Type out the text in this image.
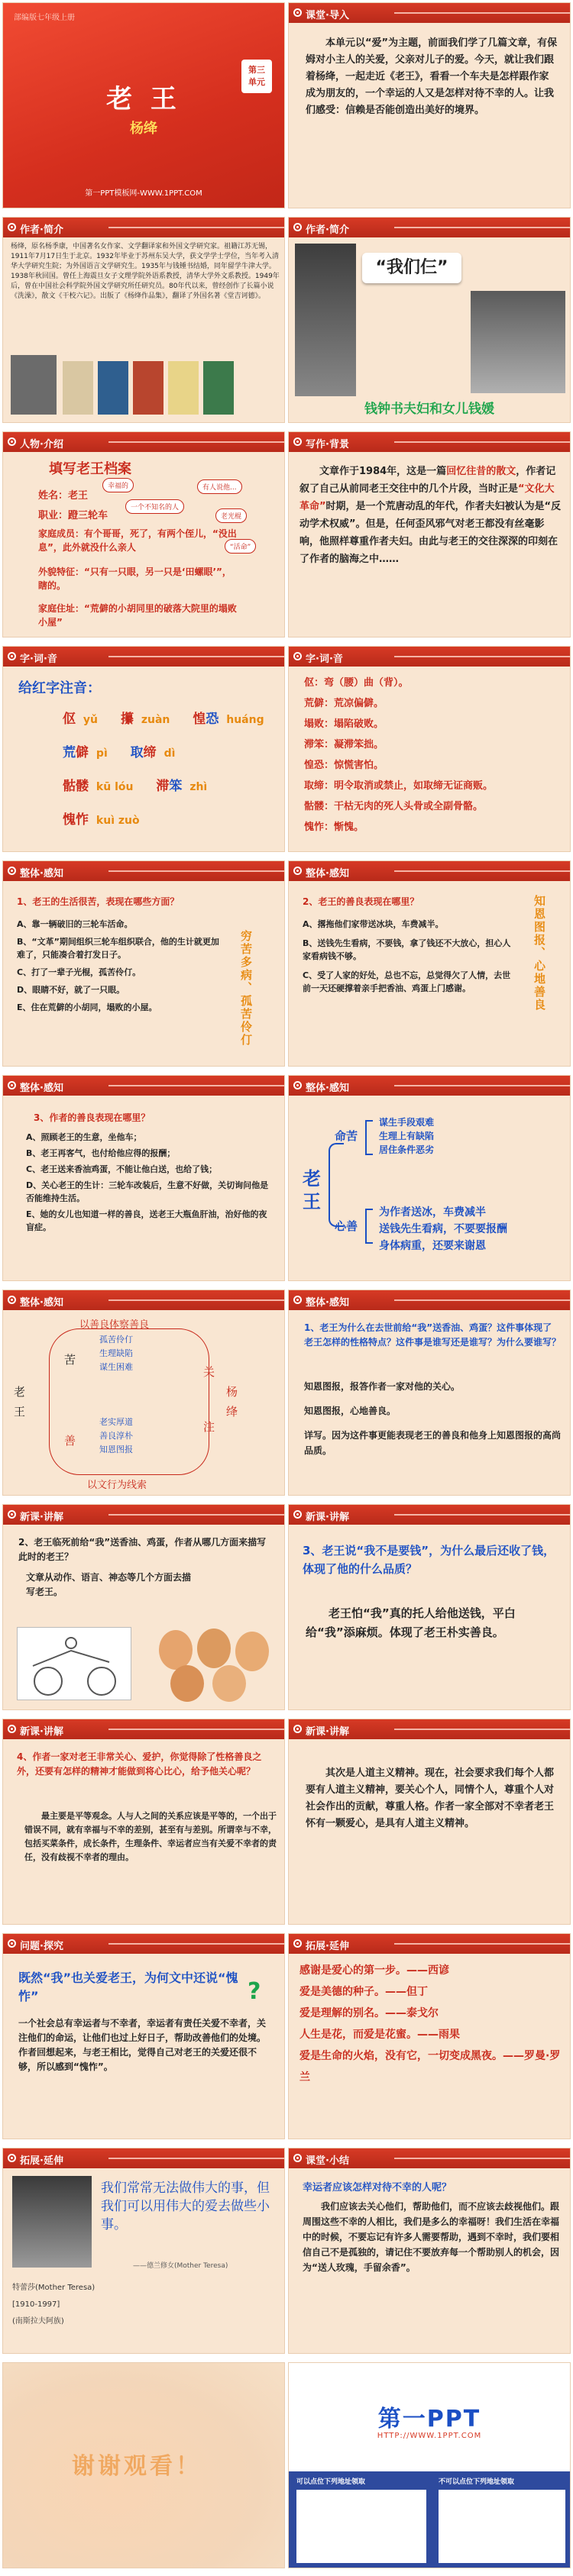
部编版七年级上册
老 王
杨绛
第三
单元
第一PPT模板网-WWW.1PPT.COM
课堂·导入
本单元以“爱”为主题，前面我们学了几篇文章，有保姆对小主人的关爱，父亲对儿子的爱。今天，就让我们跟着杨绛，一起走近《老王》，看看一个车夫是怎样跟作家成为朋友的，一个幸运的人又是怎样对待不幸的人。让我们感受：信赖是否能创造出美好的境界。
作者·简介
杨绛，原名杨季康，中国著名女作家、文学翻译家和外国文学研究家。祖籍江苏无锡，1911年7月17日生于北京。1932年毕业于苏州东吴大学，获文学学士学位，当年考入清华大学研究生院；为外国语言文学研究生。1935年与钱锺书结婚，同年留学牛津大学。1938年秋回国。曾任上海震旦女子文理学院外语系教授，清华大学外文系教授。1949年后，曾在中国社会科学院外国文学研究所任研究员。80年代以来，曾经创作了长篇小说《洗澡》，散文《干校六记》。出版了《杨绛作品集》，翻译了外国名著《堂吉诃德》。
作者·简介
“我们仨”
钱钟书夫妇和女儿钱媛
人物·介绍
填写老王档案
姓名：老王
职业：蹬三轮车
家庭成员：有个哥哥，死了，有两个侄儿，“没出息”，此外就没什么亲人
外貌特征：“只有一只眼，另一只是‘田螺眼’”，瞎的。
家庭住址：“荒僻的小胡同里的破落大院里的塌败小屋”
幸福的
一个不知名的人
有人说他...
老光棍
“活命”
写作·背景
文章作于1984年，这是一篇回忆往昔的散文，作者记叙了自己从前同老王交往中的几个片段，当时正是“文化大革命”时期，是一个荒唐动乱的年代，作者夫妇被认为是“反动学术权威”。但是，任何歪风邪气对老王都没有丝毫影响，他照样尊重作者夫妇。由此与老王的交往深深的印刻在了作者的脑海之中……
字·词·音
给红字注音：
伛 yǔ 攥 zuàn 惶恐 huáng
荒僻 pì 取缔 dì
骷髅 kū lóu 滞笨 zhì
愧怍 kuì zuò
字·词·音
伛：弯（腰）曲（背）。
荒僻：荒凉偏僻。
塌败：塌陷破败。
滞笨：凝滞笨拙。
惶恐：惊慌害怕。
取缔：明令取消或禁止，如取缔无证商贩。
骷髅：干枯无肉的死人头骨或全副骨骼。
愧怍：惭愧。
整体·感知
1、老王的生活很苦，表现在哪些方面？
A、靠一辆破旧的三轮车活命。
B、“文革”期间组织三轮车组织联合，他的生计就更加难了，只能凑合着打发日子。
C、打了一辈子光棍，孤苦伶仃。
D、眼睛不好，就了一只眼。
E、住在荒僻的小胡同，塌败的小屋。	穷苦多病、孤苦伶仃
整体·感知
2、老王的善良表现在哪里？
A、撂拖他们家带送冰块，车费减半。
B、送钱先生看病，不要钱，拿了钱还不大放心，担心人家看病钱不够。
C、受了人家的好处，总也不忘，总觉得欠了人情，去世前一天还硬撑着亲手把香油、鸡蛋上门感谢。	知恩图报、心地善良
整体·感知
3、作者的善良表现在哪里？
A、照顾老王的生意，坐他车；
B、老王再客气，也付给他应得的报酬；
C、老王送来香油鸡蛋，不能让他白送，也给了钱；
D、关心老王的生计：三轮车改装后，生意不好做，关切询问他是否能维持生活。
E、她的女儿也知道一样的善良，送老王大瓶鱼肝油，治好他的夜盲症。
整体·感知
老
王
命苦
心善
谋生手段艰难
生理上有缺陷
居住条件恶劣
为作者送冰，车费减半
送钱先生看病，不要要报酬
身体病重，还要来谢恩
整体·感知
以善良体察善良
以文行为线索
老
王
杨
绛
苦
善
关
注
孤苦伶仃
生理缺陷
谋生困难
老实厚道
善良淳朴
知恩图报
整体·感知
1、老王为什么在去世前给“我”送香油、鸡蛋？这件事体现了老王怎样的性格特点？这件事是谁写还是谁写？为什么要谁写？
知恩图报，报答作者一家对他的关心。
知恩图报，心地善良。
详写。因为这件事更能表现老王的善良和他身上知恩图报的高尚品质。
新课·讲解
2、老王临死前给“我”送香油、鸡蛋，作者从哪几方面来描写此时的老王？
文章从动作、语言、神态等几个方面去描写老王。
新课·讲解
3、老王说“我不是要钱”，为什么最后还收了钱，体现了他的什么品质？
老王怕“我”真的托人给他送钱，平白给“我”添麻烦。体现了老王朴实善良。
新课·讲解
4、作者一家对老王非常关心、爱护，你觉得除了性格善良之外，还要有怎样的精神才能做到将心比心，给予他关心呢？
最主要是平等观念。人与人之间的关系应该是平等的，一个出于错误不同，就有幸福与不幸的差别，甚至有与差别。所谓幸与不幸，包括买菜条件，成长条件，生理条件、幸运者应当有关爱不幸者的责任，没有歧视不幸者的理由。
新课·讲解
其次是人道主义精神。现在，社会要求我们每个人都要有人道主义精神，要关心个人，同情个人，尊重个人对社会作出的贡献，尊重人格。作者一家全部对不幸者老王怀有一颗爱心，是具有人道主义精神。
问题·探究
既然“我”也关爱老王，为何文中还说“愧怍”	?
一个社会总有幸运者与不幸者，幸运者有责任关爱不幸者，关注他们的命运，让他们也过上好日子，帮助改善他们的处境。作者回想起来，与老王相比，觉得自己对老王的关爱还很不够，所以感到“愧怍”。
拓展·延伸
感谢是爱心的第一步。——西谚
爱是美德的种子。——但丁
爱是理解的别名。——泰戈尔
人生是花，而爱是花蜜。——雨果
爱是生命的火焰，没有它，一切变成黑夜。——罗曼·罗兰
拓展·延伸
我们常常无法做伟大的事，但我们可以用伟大的爱去做些小事。
——德兰修女(Mother Teresa)
特蕾莎(Mother Teresa)
[1910-1997]
(南斯拉夫阿族)
课堂·小结
幸运者应该怎样对待不幸的人呢？
我们应该去关心他们，帮助他们，而不应该去歧视他们。跟周围这些不幸的人相比，我们是多么的幸福呀！我们生活在幸福中的时候，不要忘记有许多人需要帮助，遇到不幸时，我们要相信自己不是孤独的，请记住不要放弃每一个帮助别人的机会，因为“送人玫瑰，手留余香”。
谢谢观看！
第一PPT
HTTP://WWW.1PPT.COM
可以点位下列地址领取	不可以点位下列地址领取
